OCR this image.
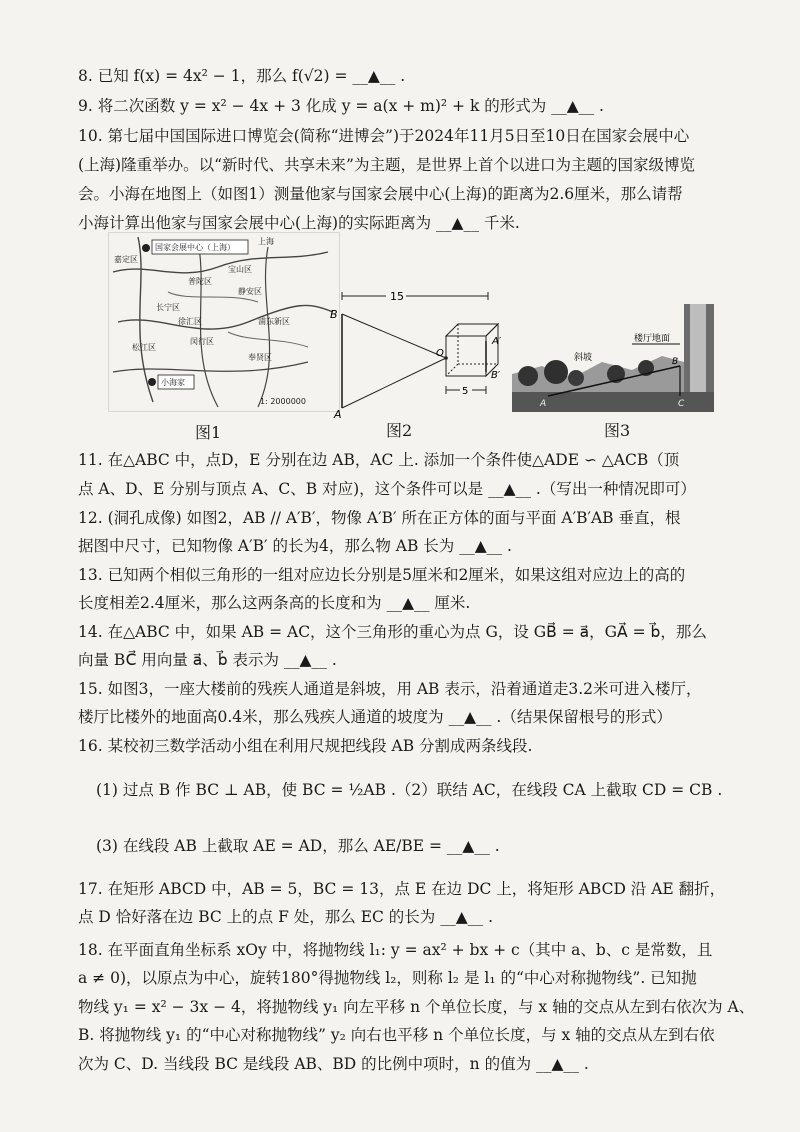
8. 已知 f(x) = 4x² − 1，那么 f(√2) = __▲__ .
9. 将二次函数 y = x² − 4x + 3 化成 y = a(x + m)² + k 的形式为 __▲__ .
10. 第七届中国国际进口博览会(简称“进博会”)于2024年11月5日至10日在国家会展中心
(上海)隆重举办。以“新时代、共享未来”为主题，是世界上首个以进口为主题的国家级博览
会。小海在地图上（如图1）测量他家与国家会展中心(上海)的距离为2.6厘米，那么请帮
小海计算出他家与国家会展中心(上海)的实际距离为 __▲__ 千米.
国家会展中心（上海）
上海
嘉定区
宝山区
普陀区
长宁区
静安区
浦东新区
闵行区
徐汇区
松江区
奉贤区
小海家
1: 2000000
图1
15
B
A
O
A′
B′
5
图2
楼厅地面
斜坡	B
A	C
图3
11. 在△ABC 中，点D，E 分别在边 AB，AC 上. 添加一个条件使△ADE ∽ △ACB（顶
点 A、D、E 分别与顶点 A、C、B 对应)，这个条件可以是 __▲__ .（写出一种情况即可）
12. (洞孔成像) 如图2，AB // A′B′，物像 A′B′ 所在正方体的面与平面 A′B′AB 垂直，根
据图中尺寸，已知物像 A′B′ 的长为4，那么物 AB 长为 __▲__ .
13. 已知两个相似三角形的一组对应边长分别是5厘米和2厘米，如果这组对应边上的高的
长度相差2.4厘米，那么这两条高的长度和为 __▲__ 厘米.
14. 在△ABC 中，如果 AB = AC，这个三角形的重心为点 G，设 GB⃗ = a⃗，GA⃗ = b⃗，那么
向量 BC⃗ 用向量 a⃗、b⃗ 表示为 __▲__ .
15. 如图3，一座大楼前的残疾人通道是斜坡，用 AB 表示，沿着通道走3.2米可进入楼厅，
楼厅比楼外的地面高0.4米，那么残疾人通道的坡度为 __▲__ .（结果保留根号的形式）
16. 某校初三数学活动小组在利用尺规把线段 AB 分割成两条线段.
(1) 过点 B 作 BC ⊥ AB，使 BC = ½AB .（2）联结 AC，在线段 CA 上截取 CD = CB .
(3) 在线段 AB 上截取 AE = AD，那么 AE/BE = __▲__ .
17. 在矩形 ABCD 中，AB = 5，BC = 13，点 E 在边 DC 上，将矩形 ABCD 沿 AE 翻折，
点 D 恰好落在边 BC 上的点 F 处，那么 EC 的长为 __▲__ .
18. 在平面直角坐标系 xOy 中，将抛物线 l₁: y = ax² + bx + c（其中 a、b、c 是常数，且
a ≠ 0)，以原点为中心，旋转180°得抛物线 l₂，则称 l₂ 是 l₁ 的“中心对称抛物线”. 已知抛
物线 y₁ = x² − 3x − 4，将抛物线 y₁ 向左平移 n 个单位长度，与 x 轴的交点从左到右依次为 A、
B. 将抛物线 y₁ 的“中心对称抛物线” y₂ 向右也平移 n 个单位长度，与 x 轴的交点从左到右依
次为 C、D. 当线段 BC 是线段 AB、BD 的比例中项时，n 的值为 __▲__ .
